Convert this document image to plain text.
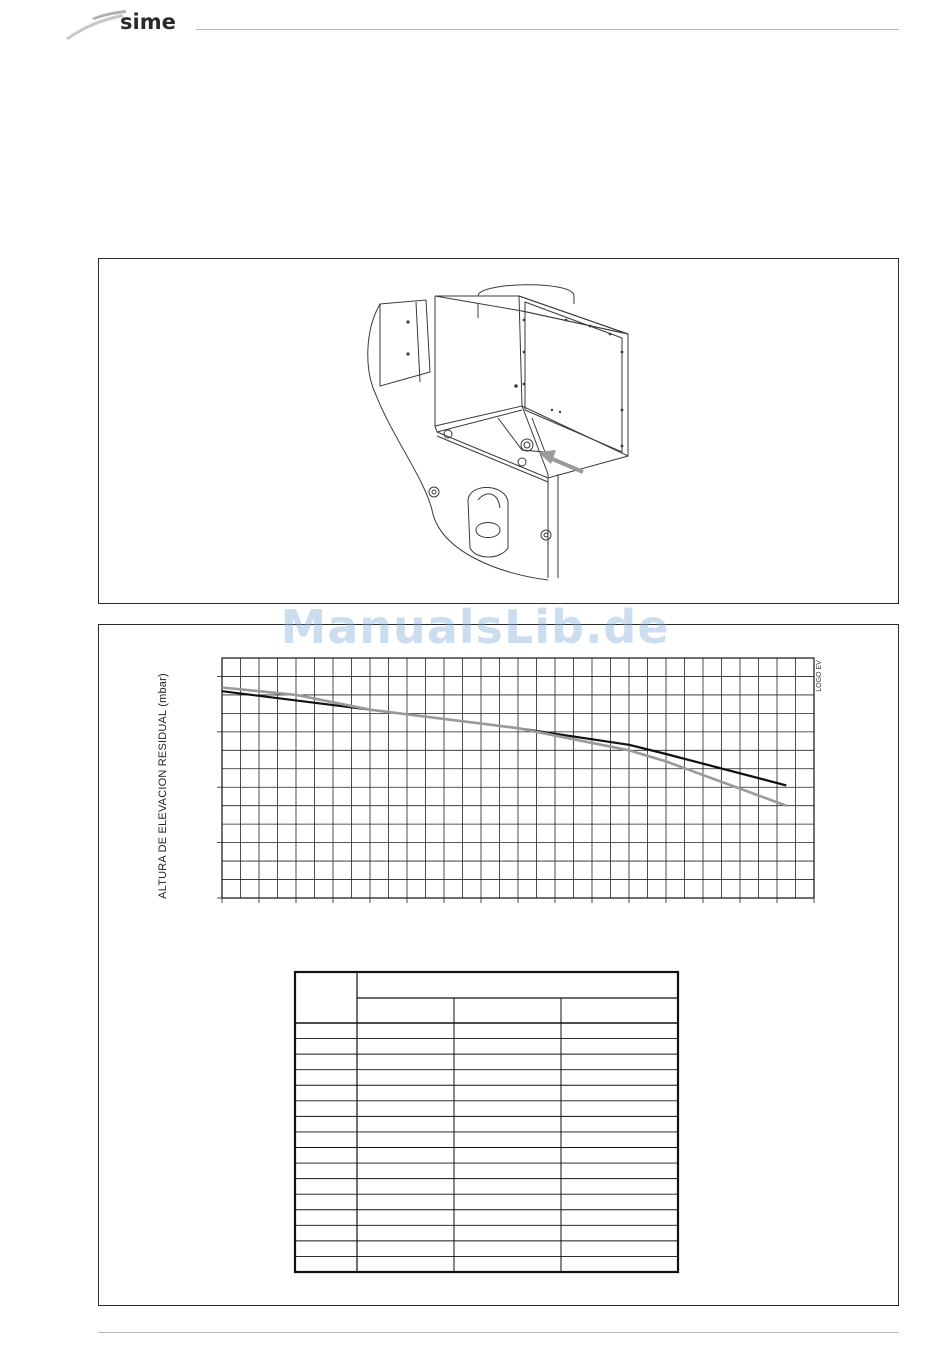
sime
ALTURA DE ELEVACION RESIDUAL (mbar)	LOGO EV
ManualsLib.de
